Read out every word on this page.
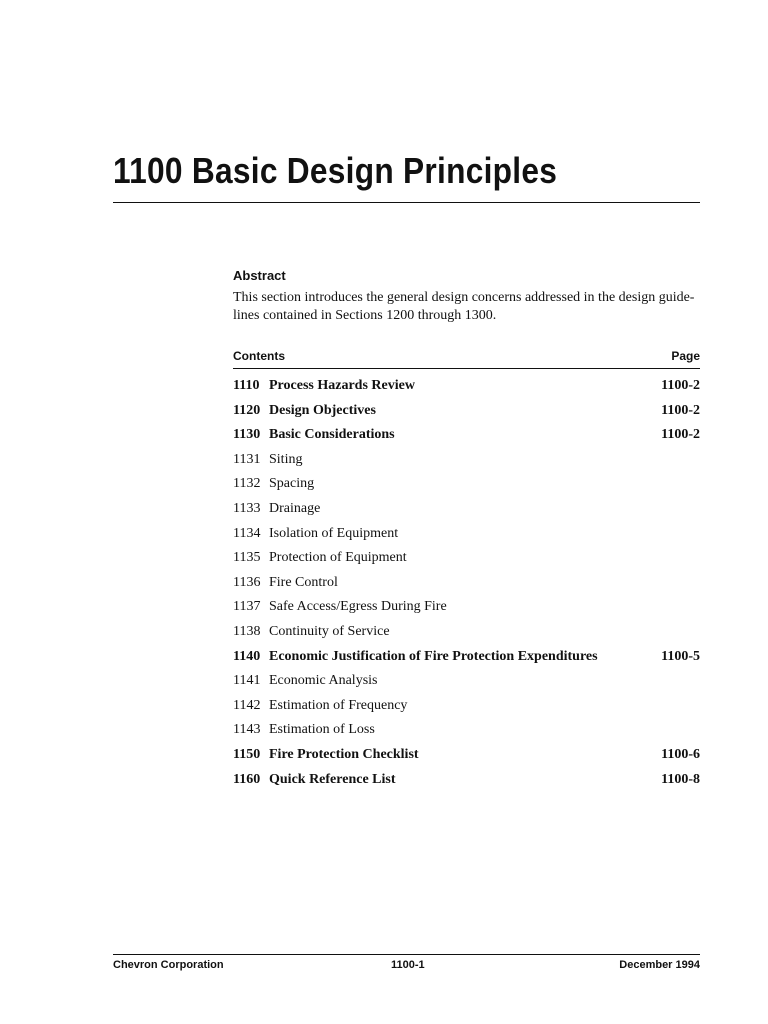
1100 Basic Design Principles
Abstract
This section introduces the general design concerns addressed in the design guide-lines contained in Sections 1200 through 1300.
Contents	Page
1110 Process Hazards Review	1100-2
1120 Design Objectives	1100-2
1130 Basic Considerations	1100-2
1131 Siting
1132 Spacing
1133 Drainage
1134 Isolation of Equipment
1135 Protection of Equipment
1136 Fire Control
1137 Safe Access/Egress During Fire
1138 Continuity of Service
1140 Economic Justification of Fire Protection Expenditures	1100-5
1141 Economic Analysis
1142 Estimation of Frequency
1143 Estimation of Loss
1150 Fire Protection Checklist	1100-6
1160 Quick Reference List	1100-8
Chevron Corporation	1100-1	December 1994
